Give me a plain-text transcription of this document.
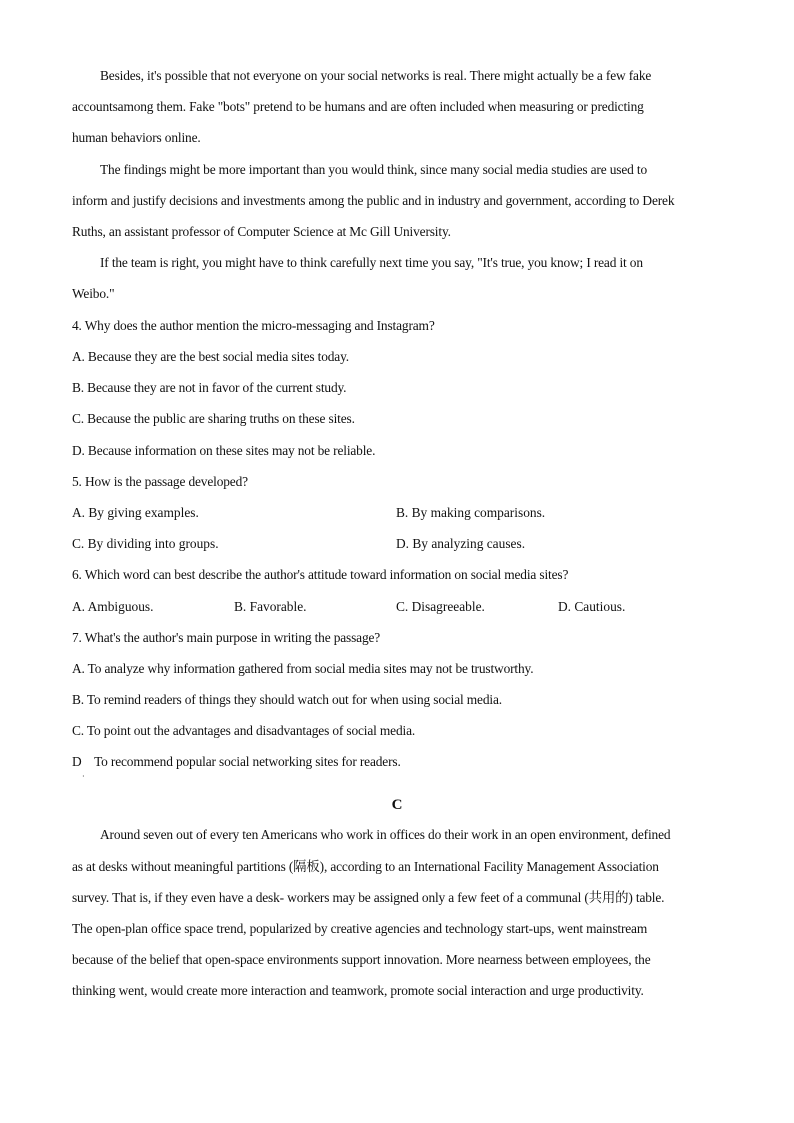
Besides, it's possible that not everyone on your social networks is real. There might actually be a few fake
accountsamong them. Fake "bots" pretend to be humans and are often included when measuring or predicting
human behaviors online.
The findings might be more important than you would think, since many social media studies are used to
inform and justify decisions and investments among the public and in industry and government, according to Derek
Ruths, an assistant professor of Computer Science at Mc Gill University.
If the team is right, you might have to think carefully next time you say, "It's true, you know; I read it on
Weibo."
4. Why does the author mention the micro-messaging and Instagram?
A. Because they are the best social media sites today.
B. Because they are not in favor of the current study.
C. Because the public are sharing truths on these sites.
D. Because information on these sites may not be reliable.
5. How is the passage developed?
A. By giving examples.	B. By making comparisons.
C. By dividing into groups.	D. By analyzing causes.
6. Which word can best describe the author's attitude toward information on social media sites?
A. Ambiguous.	B. Favorable.	C. Disagreeable.	D. Cautious.
7. What's the author's main purpose in writing the passage?
A. To analyze why information gathered from social media sites may not be trustworthy.
B. To remind readers of things they should watch out for when using social media.
C. To point out the advantages and disadvantages of social media.
D    To recommend popular social networking sites for readers.
·
C
Around seven out of every ten Americans who work in offices do their work in an open environment, defined
as at desks without meaningful partitions (隔板), according to an International Facility Management Association
survey. That is, if they even have a desk- workers may be assigned only a few feet of a communal (共用的) table.
The open-plan office space trend, popularized by creative agencies and technology start-ups, went mainstream
because of the belief that open-space environments support innovation. More nearness between employees, the
thinking went, would create more interaction and teamwork, promote social interaction and urge productivity.
